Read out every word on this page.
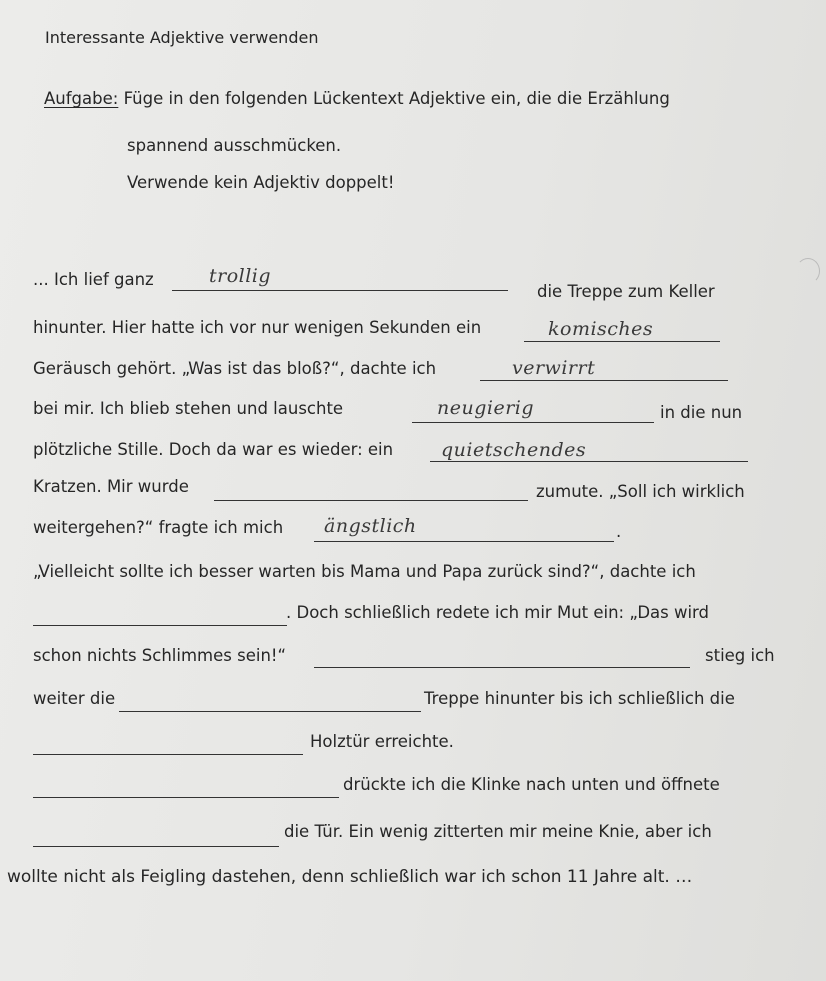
Interessante Adjektive verwenden
Aufgabe: Füge in den folgenden Lückentext Adjektive ein, die die Erzählung
spannend ausschmücken.
Verwende kein Adjektiv doppelt!
... Ich lief ganz	trollig
die Treppe zum Keller
hinunter. Hier hatte ich vor nur wenigen Sekunden ein	komisches
Geräusch gehört. „Was ist das bloß?“, dachte ich	verwirrt
bei mir. Ich blieb stehen und lauschte	neugierig	in die nun
plötzliche Stille. Doch da war es wieder: ein	quietschendes
Kratzen. Mir wurde	zumute. „Soll ich wirklich
weitergehen?“ fragte ich mich ängstlich	.
„Vielleicht sollte ich besser warten bis Mama und Papa zurück sind?“, dachte ich
. Doch schließlich redete ich mir Mut ein: „Das wird
schon nichts Schlimmes sein!“	stieg ich
weiter die	Treppe hinunter bis ich schließlich die
Holztür erreichte.
drückte ich die Klinke nach unten und öffnete
die Tür. Ein wenig zitterten mir meine Knie, aber ich
wollte nicht als Feigling dastehen, denn schließlich war ich schon 11 Jahre alt. …
